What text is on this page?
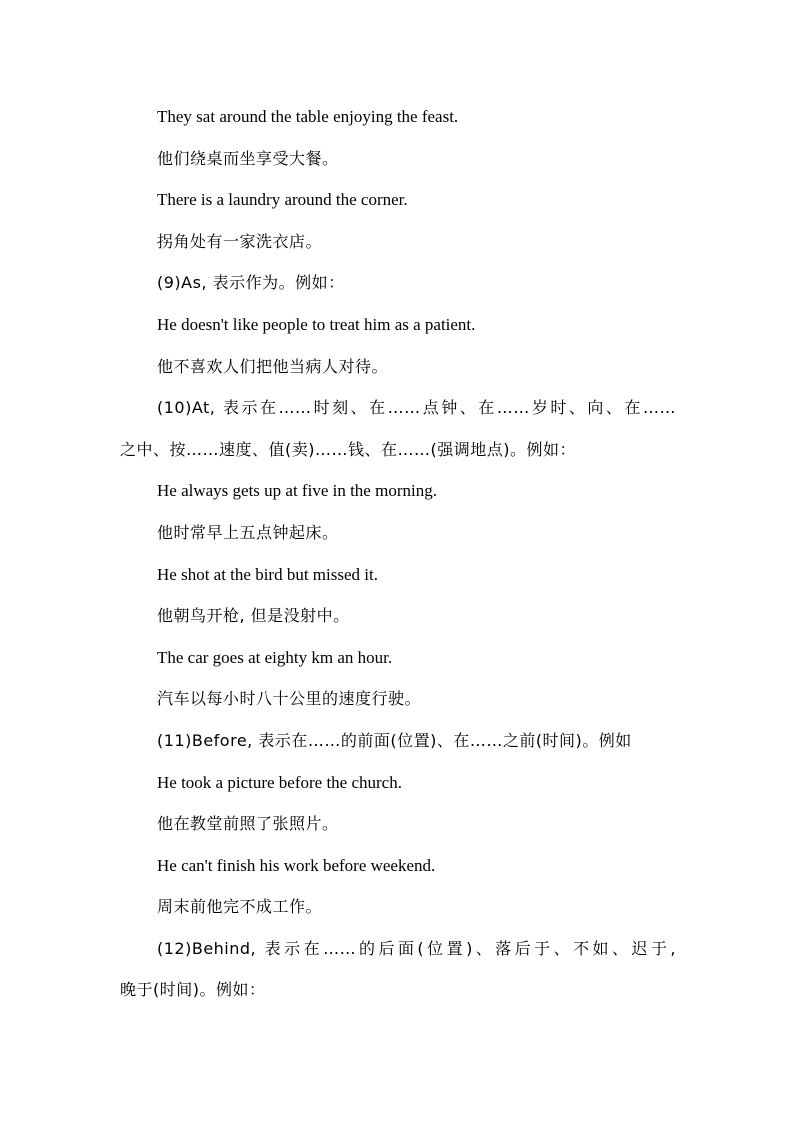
They sat around the table enjoying the feast.
他们绕桌而坐享受大餐。
There is a laundry around the corner.
拐角处有一家洗衣店。
(9)As, 表示作为。例如：
He doesn't like people to treat him as a patient.
他不喜欢人们把他当病人对待。
(10)At, 表示在……时刻、在……点钟、在……岁时、向、在……
之中、按……速度、值(卖)……钱、在……(强调地点)。例如：
He always gets up at five in the morning.
他时常早上五点钟起床。
He shot at the bird but missed it.
他朝鸟开枪, 但是没射中。
The car goes at eighty km an hour.
汽车以每小时八十公里的速度行驶。
(11)Before, 表示在……的前面(位置)、在……之前(时间)。例如
He took a picture before the church.
他在教堂前照了张照片。
He can't finish his work before weekend.
周末前他完不成工作。
(12)Behind, 表示在……的后面(位置)、落后于、不如、迟于,
晚于(时间)。例如：
